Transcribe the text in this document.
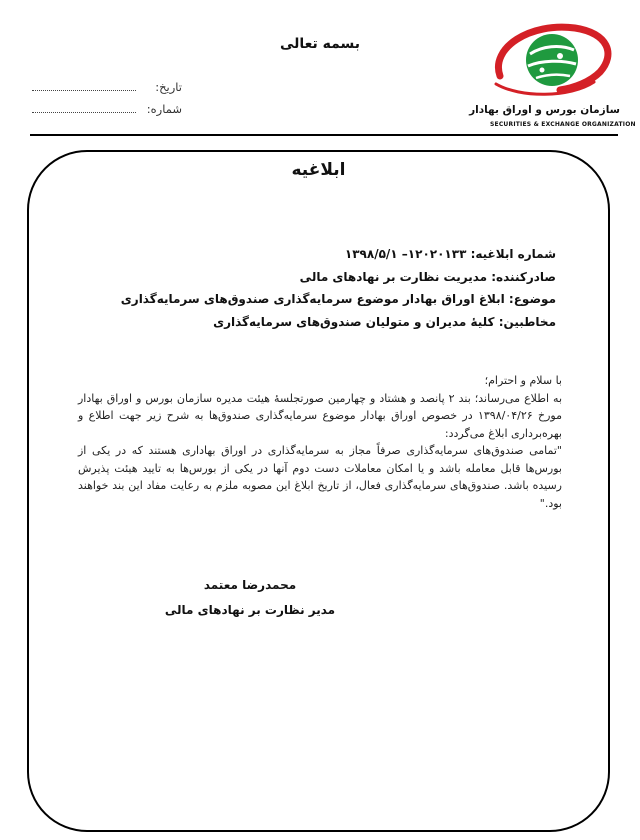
بسمه تعالی
سازمان بورس و اوراق بهادار
SECURITIES & EXCHANGE ORGANIZATION
تاریخ:
شماره:
ابلاغیه
شماره ابلاغیه: ۱۲۰۲۰۱۳۳– ۱۳۹۸/۵/۱
صادرکننده: مدیریت نظارت بر نهادهای مالی
موضوع: ابلاغ اوراق بهادار موضوع سرمایه‌گذاری صندوق‌های سرمایه‌گذاری
مخاطبین: کلیهٔ مدیران و متولیان صندوق‌های سرمایه‌گذاری

با سلام و احترام؛

به اطلاع می‌رساند؛ بند ۲ پانصد و هشتاد و چهارمین صورتجلسهٔ هیئت مدیره سازمان بورس و اوراق بهادار مورخ ۱۳۹۸/۰۴/۲۶ در خصوص اوراق بهادار موضوع سرمایه‌گذاری صندوق‌ها به شرح زیر جهت اطلاع و بهره‌برداری ابلاغ می‌گردد:

"تمامی صندوق‌های سرمایه‌گذاری صرفاً مجاز به سرمایه‌گذاری در اوراق بهاداری هستند که در یکی از بورس‌ها قابل معامله باشد و یا امکان معاملات دست دوم آنها در یکی از بورس‌ها به تایید هیئت پذیرش رسیده باشد. صندوق‌های سرمایه‌گذاری فعال، از تاریخ ابلاغ این مصوبه ملزم به رعایت مفاد این بند خواهند بود."

محمدرضا معتمد
مدیر نظارت بر نهادهای مالی
